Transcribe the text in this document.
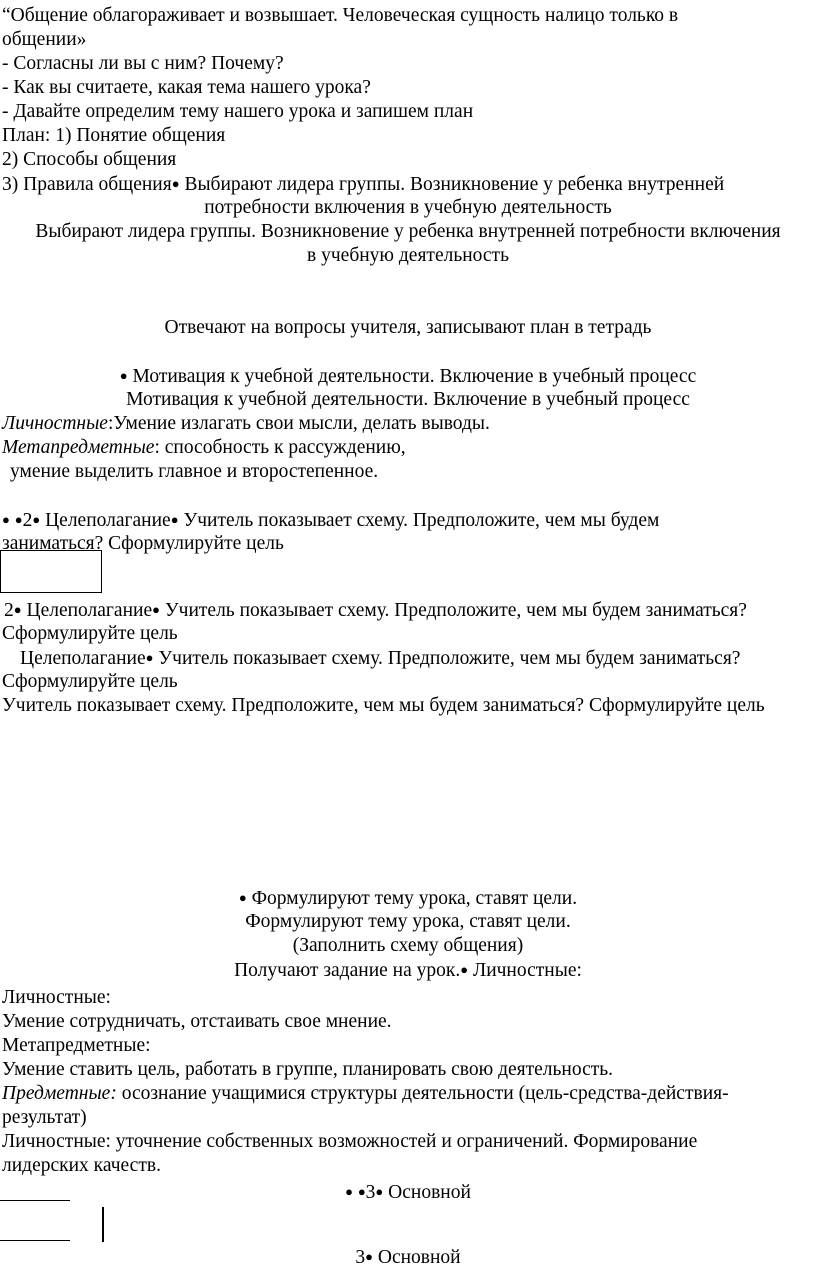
“Общение облагораживает и возвышает. Человеческая сущность налицо только в
общении»
- Согласны ли вы с ним? Почему?
- Как вы считаете, какая тема нашего урока?
- Давайте определим тему нашего урока и запишем план
План: 1) Понятие общения
2) Способы общения
3) Правила общения● Выбирают лидера группы. Возникновение у ребенка внутренней
потребности включения в учебную деятельность
Выбирают лидера группы. Возникновение у ребенка внутренней потребности включения
в учебную деятельность
Отвечают на вопросы учителя, записывают план в тетрадь
● Мотивация к учебной деятельности. Включение в учебный процесс
Мотивация к учебной деятельности. Включение в учебный процесс
Личностные:Умение излагать свои мысли, делать выводы.
Метапредметные: способность к рассуждению,
умение выделить главное и второстепенное.
● ●2● Целеполагание● Учитель показывает схему. Предположите, чем мы будем
заниматься? Сформулируйте цель
2● Целеполагание● Учитель показывает схему. Предположите, чем мы будем заниматься?
Сформулируйте цель
Целеполагание● Учитель показывает схему. Предположите, чем мы будем заниматься?
Сформулируйте цель
Учитель показывает схему. Предположите, чем мы будем заниматься? Сформулируйте цель
● Формулируют тему урока, ставят цели.
Формулируют тему урока, ставят цели.
(Заполнить схему общения)
Получают задание на урок.● Личностные:
Личностные:
Умение сотрудничать, отстаивать свое мнение.
Метапредметные:
Умение ставить цель, работать в группе, планировать свою деятельность.
Предметные: осознание учащимися структуры деятельности (цель-средства-действия-
результат)
Личностные: уточнение собственных возможностей и ограничений. Формирование
лидерских качеств.
● ●3● Основной
3● Основной
